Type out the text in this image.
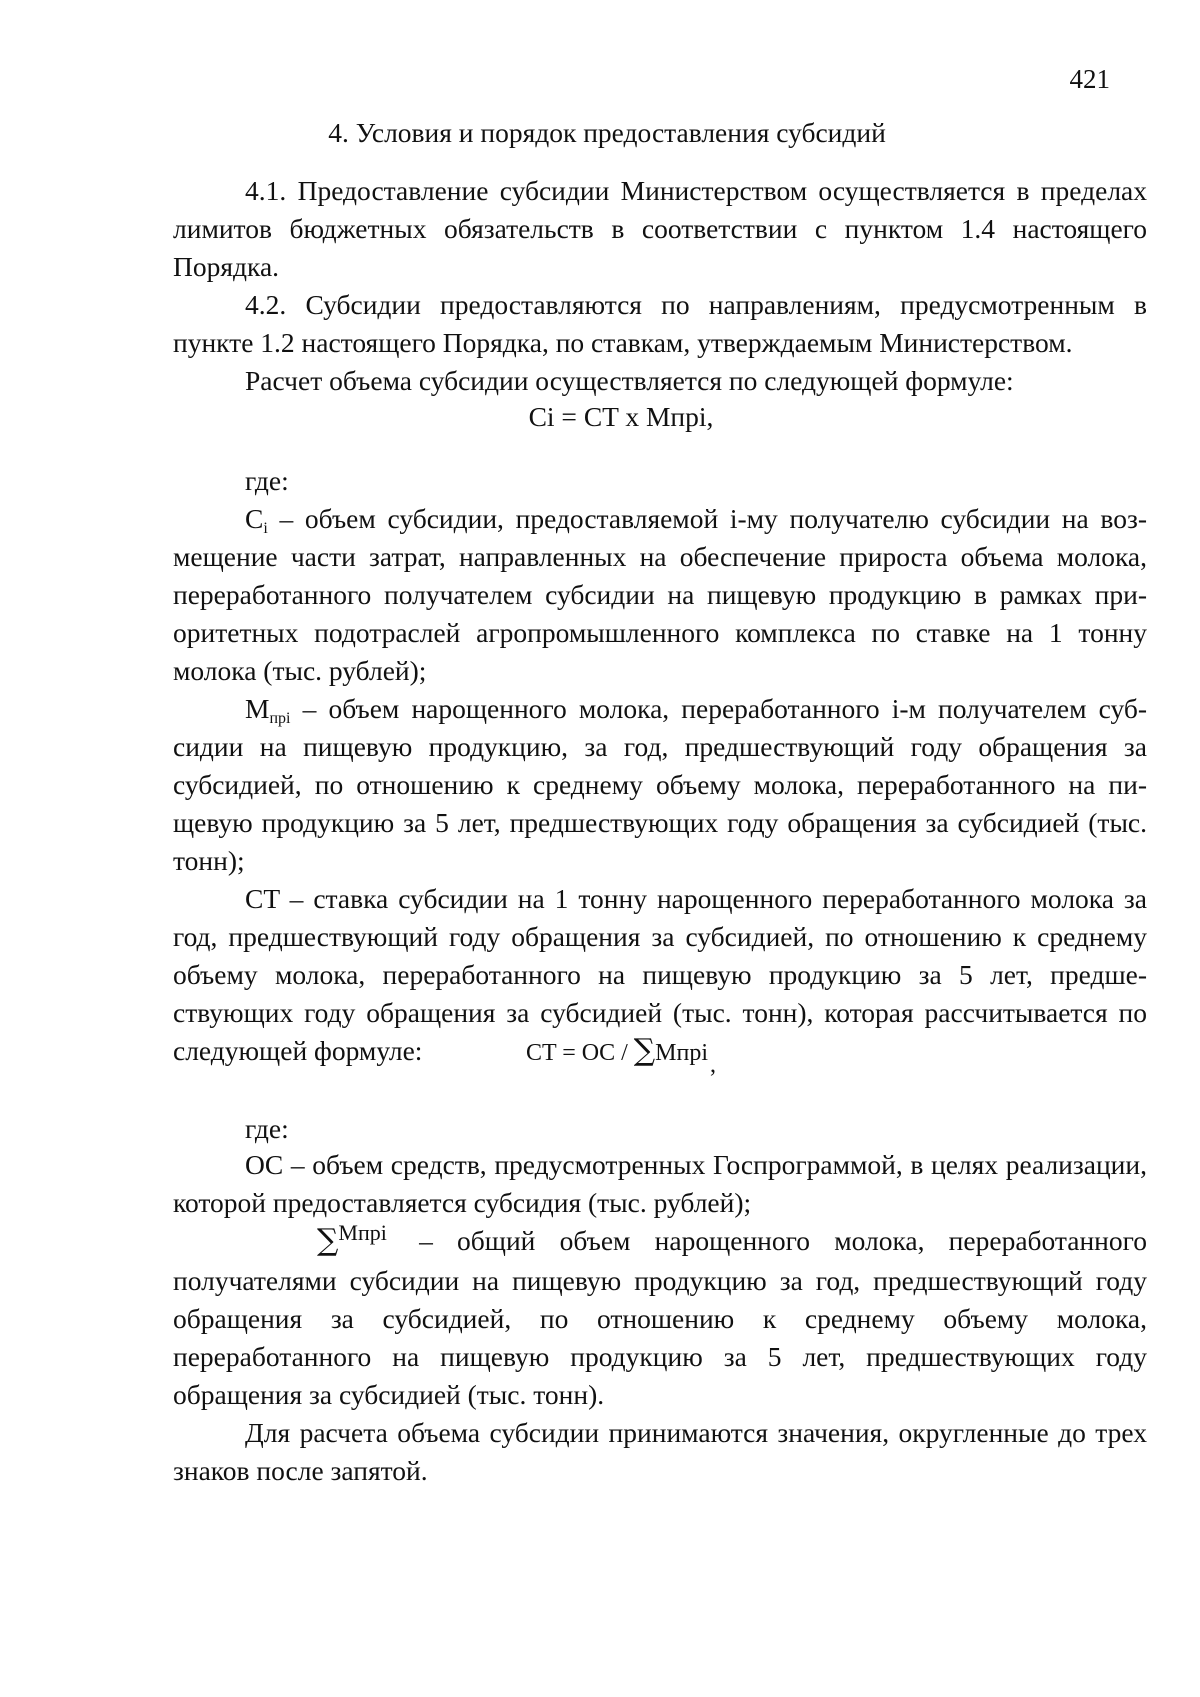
421
4. Условия и порядок предоставления субсидий

4.1. Предоставление субсидии Министерством осуществляется в пределах лимитов бюджетных обязательств в соответствии с пунктом 1.4 настоящего Порядка.

4.2. Субсидии предоставляются по направлениям, предусмотренным в пункте 1.2 настоящего Порядка, по ставкам, утверждаемым Министерством.

Расчет объема субсидии осуществляется по следующей формуле:

Ci = CT x Мпрi,
где:

$C_i$ – объем субсидии, предоставляемой i-му получателю субсидии на возмещение части затрат, направленных на обеспечение прироста объема молока, переработанного получателем субсидии на пищевую продукцию в рамках приоритетных подотраслей агропромышленного комплекса по ставке на 1 тонну молока (тыс. рублей);

$М_{прi}$ – объем нарощенного молока, переработанного i-м получателем субсидии на пищевую продукцию, за год, предшествующий году обращения за субсидией, по отношению к среднему объему молока, переработанного на пищевую продукцию за 5 лет, предшествующих году обращения за субсидией (тыс. тонн);

CT – ставка субсидии на 1 тонну нарощенного переработанного молока за год, предшествующий году обращения за субсидией, по отношению к среднему объему молока, переработанного на пищевую продукцию за 5 лет, предшествующих году обращения за субсидией (тыс. тонн), которая рассчитывается по следующей формуле:	CT = OC / ∑Мпрi,
где:

OC – объем средств, предусмотренных Госпрограммой, в целях реализации, которой предоставляется субсидия (тыс. рублей);

∑$^{Мпрi}$ – общий объем нарощенного молока, переработанного получателями субсидии на пищевую продукцию за год, предшествующий году обращения за субсидией, по отношению к среднему объему молока, переработанного на пищевую продукцию за 5 лет, предшествующих году обращения за субсидией (тыс. тонн).

Для расчета объема субсидии принимаются значения, округленные до трех знаков после запятой.
